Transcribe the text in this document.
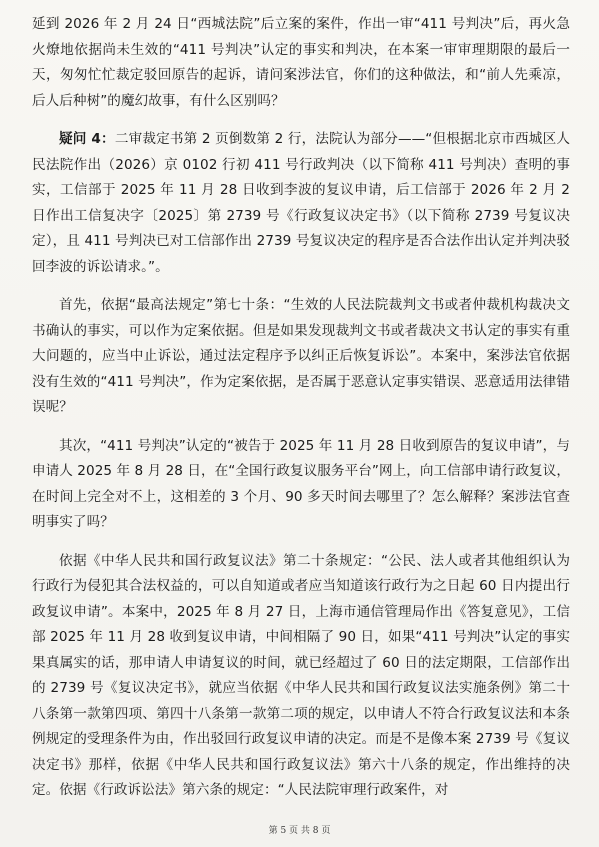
延到 2026 年 2 月 24 日“西城法院”后立案的案件，作出一审“411 号判决”后，再火急火燎地依据尚未生效的“411 号判决”认定的事实和判决，在本案一审审理期限的最后一天，匆匆忙忙裁定驳回原告的起诉，请问案涉法官，你们的这种做法，和“前人先乘凉，后人后种树”的魔幻故事，有什么区别吗？

疑问 4：二审裁定书第 2 页倒数第 2 行，法院认为部分——“但根据北京市西城区人民法院作出（2026）京 0102 行初 411 号行政判决（以下简称 411 号判决）查明的事实，工信部于 2025 年 11 月 28 日收到李波的复议申请，后工信部于 2026 年 2 月 2 日作出工信复决字〔2025〕第 2739 号《行政复议决定书》（以下简称 2739 号复议决定），且 411 号判决已对工信部作出 2739 号复议决定的程序是否合法作出认定并判决驳回李波的诉讼请求。”。

首先，依据“最高法规定”第七十条：“生效的人民法院裁判文书或者仲裁机构裁决文书确认的事实，可以作为定案依据。但是如果发现裁判文书或者裁决文书认定的事实有重大问题的，应当中止诉讼，通过法定程序予以纠正后恢复诉讼”。本案中，案涉法官依据没有生效的“411 号判决”，作为定案依据，是否属于恶意认定事实错误、恶意适用法律错误呢？

其次，“411 号判决”认定的“被告于 2025 年 11 月 28 日收到原告的复议申请”，与申请人 2025 年 8 月 28 日，在“全国行政复议服务平台”网上，向工信部申请行政复议，在时间上完全对不上，这相差的 3 个月、90 多天时间去哪里了？怎么解释？案涉法官查明事实了吗？

依据《中华人民共和国行政复议法》第二十条规定：“公民、法人或者其他组织认为行政行为侵犯其合法权益的，可以自知道或者应当知道该行政行为之日起 60 日内提出行政复议申请”。本案中，2025 年 8 月 27 日，上海市通信管理局作出《答复意见》，工信部 2025 年 11 月 28 收到复议申请，中间相隔了 90 日，如果“411 号判决”认定的事实果真属实的话，那申请人申请复议的时间，就已经超过了 60 日的法定期限，工信部作出的 2739 号《复议决定书》，就应当依据《中华人民共和国行政复议法实施条例》第二十八条第一款第四项、第四十八条第一款第二项的规定，以申请人不符合行政复议法和本条例规定的受理条件为由，作出驳回行政复议申请的决定。而是不是像本案 2739 号《复议决定书》那样，依据《中华人民共和国行政复议法》第六十八条的规定，作出维持的决定。依据《行政诉讼法》第六条的规定：“人民法院审理行政案件，对

第 5 页 共 8 页
